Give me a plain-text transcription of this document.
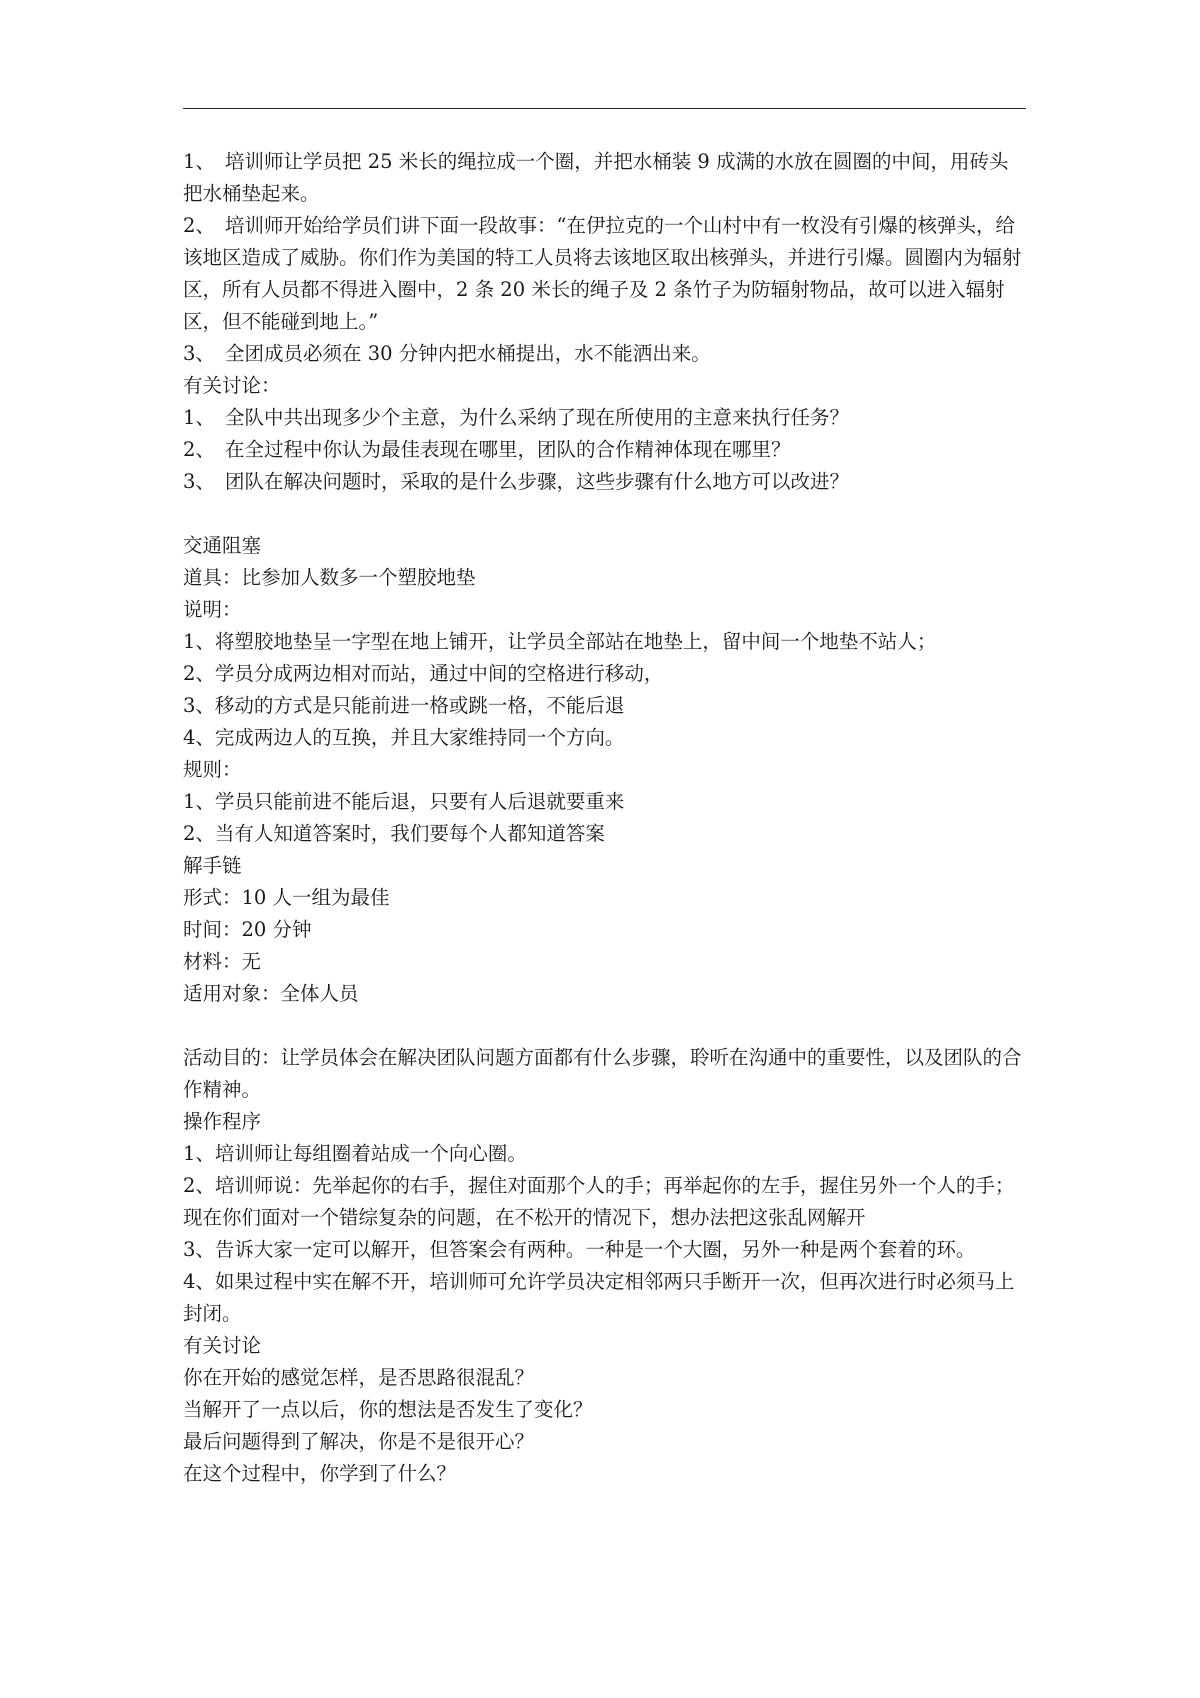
1、 培训师让学员把 25 米长的绳拉成一个圈，并把水桶装 9 成满的水放在圆圈的中间，用砖头把水桶垫起来。

2、 培训师开始给学员们讲下面一段故事：“在伊拉克的一个山村中有一枚没有引爆的核弹头，给该地区造成了威胁。你们作为美国的特工人员将去该地区取出核弹头，并进行引爆。圆圈内为辐射区，所有人员都不得进入圈中，2 条 20 米长的绳子及 2 条竹子为防辐射物品，故可以进入辐射区，但不能碰到地上。”

3、 全团成员必须在 30 分钟内把水桶提出，水不能洒出来。

有关讨论：

1、 全队中共出现多少个主意，为什么采纳了现在所使用的主意来执行任务？

2、 在全过程中你认为最佳表现在哪里，团队的合作精神体现在哪里？

3、 团队在解决问题时，采取的是什么步骤，这些步骤有什么地方可以改进？

交通阻塞

道具：比参加人数多一个塑胶地垫

说明：

1、将塑胶地垫呈一字型在地上铺开，让学员全部站在地垫上，留中间一个地垫不站人；

2、学员分成两边相对而站，通过中间的空格进行移动，

3、移动的方式是只能前进一格或跳一格，不能后退

4、完成两边人的互换，并且大家维持同一个方向。

规则：

1、学员只能前进不能后退，只要有人后退就要重来

2、当有人知道答案时，我们要每个人都知道答案

解手链

形式：10 人一组为最佳

时间：20 分钟

材料：无

适用对象：全体人员

活动目的：让学员体会在解决团队问题方面都有什么步骤，聆听在沟通中的重要性，以及团队的合作精神。

操作程序

1、培训师让每组圈着站成一个向心圈。

2、培训师说：先举起你的右手，握住对面那个人的手；再举起你的左手，握住另外一个人的手；现在你们面对一个错综复杂的问题，在不松开的情况下，想办法把这张乱网解开

3、告诉大家一定可以解开，但答案会有两种。一种是一个大圈，另外一种是两个套着的环。

4、如果过程中实在解不开，培训师可允许学员决定相邻两只手断开一次，但再次进行时必须马上封闭。

有关讨论

你在开始的感觉怎样，是否思路很混乱？

当解开了一点以后，你的想法是否发生了变化？

最后问题得到了解决，你是不是很开心？

在这个过程中，你学到了什么？
